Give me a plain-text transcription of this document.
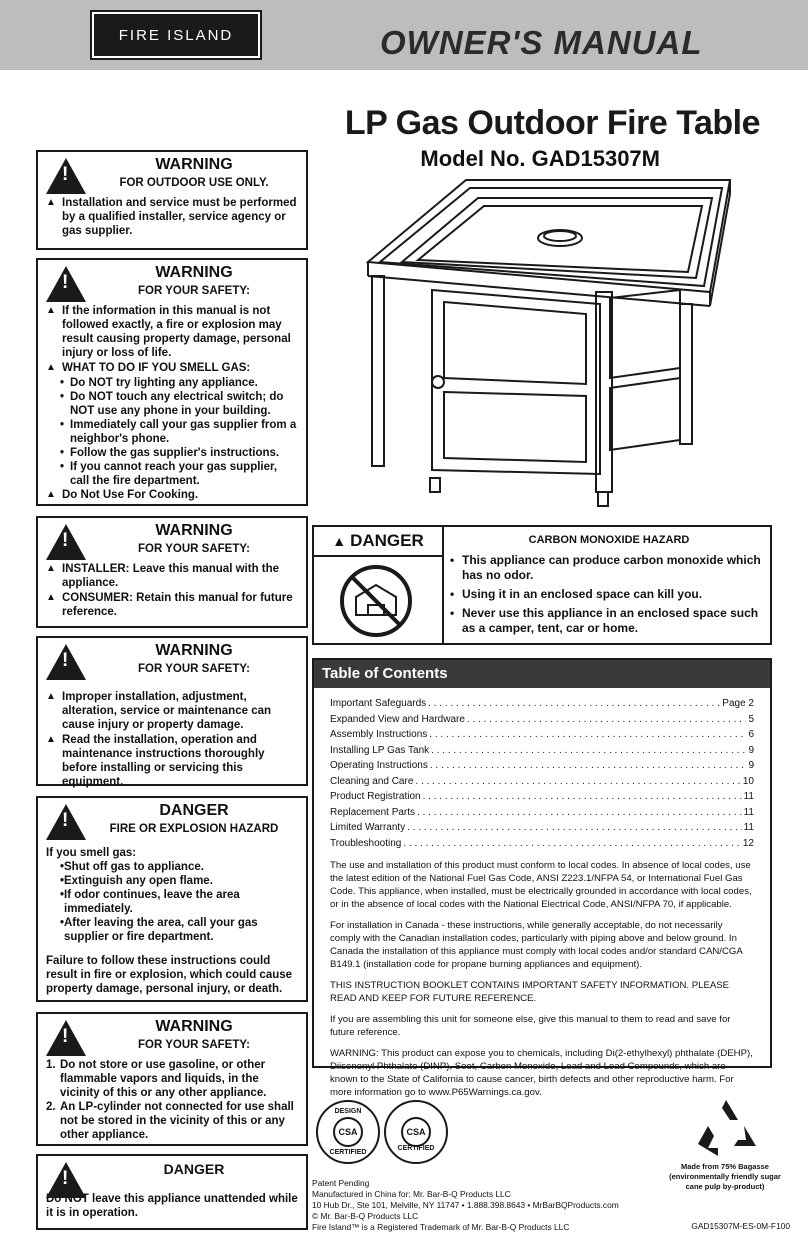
FIRE ISLAND	OWNER'S MANUAL
LP Gas Outdoor Fire Table
Model No. GAD15307M
!
WARNING
FOR OUTDOOR USE ONLY.
▲ Installation and service must be performed by a qualified installer, service agency or gas supplier.
!
WARNING
FOR YOUR SAFETY:
▲ If the information in this manual is not followed exactly, a fire or explosion may result causing property damage, personal injury or loss of life.
▲ WHAT TO DO IF YOU SMELL GAS:
• Do NOT try lighting any appliance.
• Do NOT touch any electrical switch; do NOT use any phone in your building.
• Immediately call your gas supplier from a neighbor's phone.
• Follow the gas supplier's instructions.
• If you cannot reach your gas supplier, call the fire department.
▲ Do Not Use For Cooking.
!
WARNING
FOR YOUR SAFETY:
▲ INSTALLER: Leave this manual with the appliance.
▲ CONSUMER: Retain this manual for future reference.
!
WARNING
FOR YOUR SAFETY:
▲ Improper installation, adjustment, alteration, service or maintenance can cause injury or property damage.
▲ Read the installation, operation and maintenance instructions thoroughly before installing or servicing this equipment.
!
DANGER
FIRE OR EXPLOSION HAZARD
If you smell gas:
• Shut off gas to appliance.
• Extinguish any open flame.
• If odor continues, leave the area immediately.
• After leaving the area, call your gas supplier or fire department.
Failure to follow these instructions could result in fire or explosion, which could cause property damage, personal injury, or death.
!
WARNING
FOR YOUR SAFETY:
1. Do not store or use gasoline, or other flammable vapors and liquids, in the vicinity of this or any other appliance.
2. An LP-cylinder not connected for use shall not be stored in the vicinity of this or any other appliance.
!
DANGER
Do NOT leave this appliance unattended while it is in operation.
▲ DANGER	CARBON MONOXIDE HAZARD
• This appliance can produce carbon monoxide which has no odor.
• Using it in an enclosed space can kill you.
• Never use this appliance in an enclosed space such as a camper, tent, car or home.
Table of Contents
Important Safeguards . . .	Page 2
Expanded View and Hardware . . .	5
Assembly Instructions . . .	6
Installing LP Gas Tank . . .	9
Operating Instructions . . .	9
Cleaning and Care . . .	10
Product Registration . . .	11
Replacement Parts . . .	11
Limited Warranty . . .	11
Troubleshooting . . .	12

The use and installation of this product must conform to local codes. In absence of local codes, use the latest edition of the National Fuel Gas Code, ANSI Z223.1/NFPA 54, or International Fuel Gas Code. This appliance, when installed, must be electrically grounded in accordance with local codes, or in the absence of local codes with the National Electrical Code, ANSI/NFPA 70, if applicable.

For installation in Canada - these instructions, while generally acceptable, do not necessarily comply with the Canadian installation codes, particularly with piping above and below ground. In Canada the installation of this appliance must comply with local codes and/or standard CAN/CGA B149.1 (installation code for propane burning appliances and equipment).

THIS INSTRUCTION BOOKLET CONTAINS IMPORTANT SAFETY INFORMATION. PLEASE READ AND KEEP FOR FUTURE REFERENCE.

If you are assembling this unit for someone else, give this manual to them to read and save for future reference.

WARNING: This product can expose you to chemicals, including Di(2-ethylhexyl) phthalate (DEHP), Diisononyl Phthalate (DINP), Soot, Carbon Monoxide, Lead and Lead Compounds, which are known to the State of California to cause cancer, birth defects and other reproductive harm. For more information go to www.P65Warnings.ca.gov.

DESIGN
CSA
CERTIFIED
CSA
CERTIFIED
Patent Pending
Manufactured in China for: Mr. Bar-B-Q Products LLC
10 Hub Dr., Ste 101, Melville, NY 11747 • 1.888.398.8643 • MrBarBQProducts.com
© Mr. Bar-B-Q Products LLC
Fire Island™ is a Registered Trademark of Mr. Bar-B-Q Products LLC
Made from 75% Bagasse
(environmentally friendly sugar cane pulp by-product)
GAD15307M-ES-0M-F100
